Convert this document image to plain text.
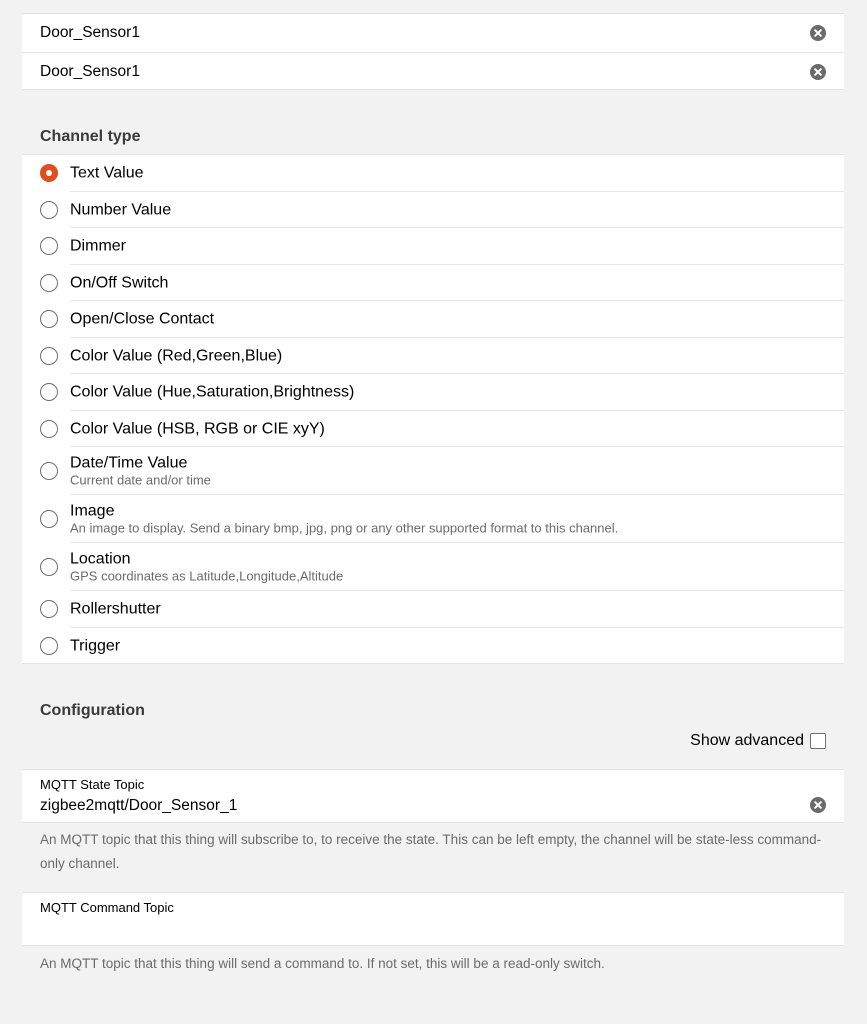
Door_Sensor1
Door_Sensor1
Channel type
Text Value
Number Value
Dimmer
On/Off Switch
Open/Close Contact
Color Value (Red,Green,Blue)
Color Value (Hue,Saturation,Brightness)
Color Value (HSB, RGB or CIE xyY)
Date/Time Value
Current date and/or time
Image
An image to display. Send a binary bmp, jpg, png or any other supported format to this channel.
Location
GPS coordinates as Latitude,Longitude,Altitude
Rollershutter
Trigger
Configuration
Show advanced
MQTT State Topic
zigbee2mqtt/Door_Sensor_1
An MQTT topic that this thing will subscribe to, to receive the state. This can be left empty, the channel will be state-less command-only channel.
MQTT Command Topic
An MQTT topic that this thing will send a command to. If not set, this will be a read-only switch.
